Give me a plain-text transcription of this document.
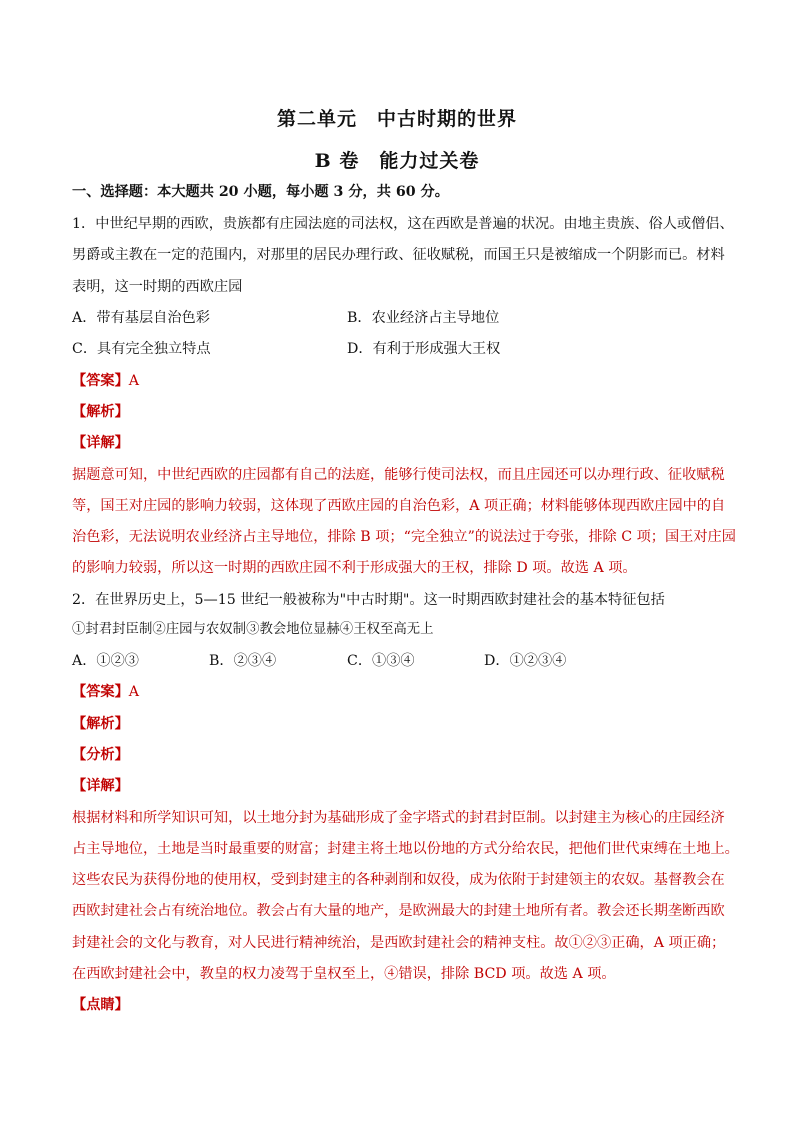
第二单元　中古时期的世界
B 卷　能力过关卷
一、选择题：本大题共 20 小题，每小题 3 分，共 60 分。
1．中世纪早期的西欧，贵族都有庄园法庭的司法权，这在西欧是普遍的状况。由地主贵族、俗人或僧侣、
男爵或主教在一定的范围内，对那里的居民办理行政、征收赋税，而国王只是被缩成一个阴影而已。材料
表明，这一时期的西欧庄园
A．带有基层自治色彩	B．农业经济占主导地位
C．具有完全独立特点	D．有利于形成强大王权
【答案】A
【解析】
【详解】
据题意可知，中世纪西欧的庄园都有自己的法庭，能够行使司法权，而且庄园还可以办理行政、征收赋税
等，国王对庄园的影响力较弱，这体现了西欧庄园的自治色彩，A 项正确；材料能够体现西欧庄园中的自
治色彩，无法说明农业经济占主导地位，排除 B 项；“完全独立”的说法过于夸张，排除 C 项；国王对庄园
的影响力较弱，所以这一时期的西欧庄园不利于形成强大的王权，排除 D 项。故选 A 项。
2．在世界历史上，5—15 世纪一般被称为"中古时期"。这一时期西欧封建社会的基本特征包括
①封君封臣制②庄园与农奴制③教会地位显赫④王权至高无上
A．①②③	B．②③④	C．①③④	D．①②③④
【答案】A
【解析】
【分析】
【详解】
根据材料和所学知识可知，以土地分封为基础形成了金字塔式的封君封臣制。以封建主为核心的庄园经济
占主导地位，土地是当时最重要的财富；封建主将土地以份地的方式分给农民，把他们世代束缚在土地上。
这些农民为获得份地的使用权，受到封建主的各种剥削和奴役，成为依附于封建领主的农奴。基督教会在
西欧封建社会占有统治地位。教会占有大量的地产，是欧洲最大的封建土地所有者。教会还长期垄断西欧
封建社会的文化与教育，对人民进行精神统治，是西欧封建社会的精神支柱。故①②③正确，A 项正确；
在西欧封建社会中，教皇的权力凌驾于皇权至上，④错误，排除 BCD 项。故选 A 项。
【点睛】
